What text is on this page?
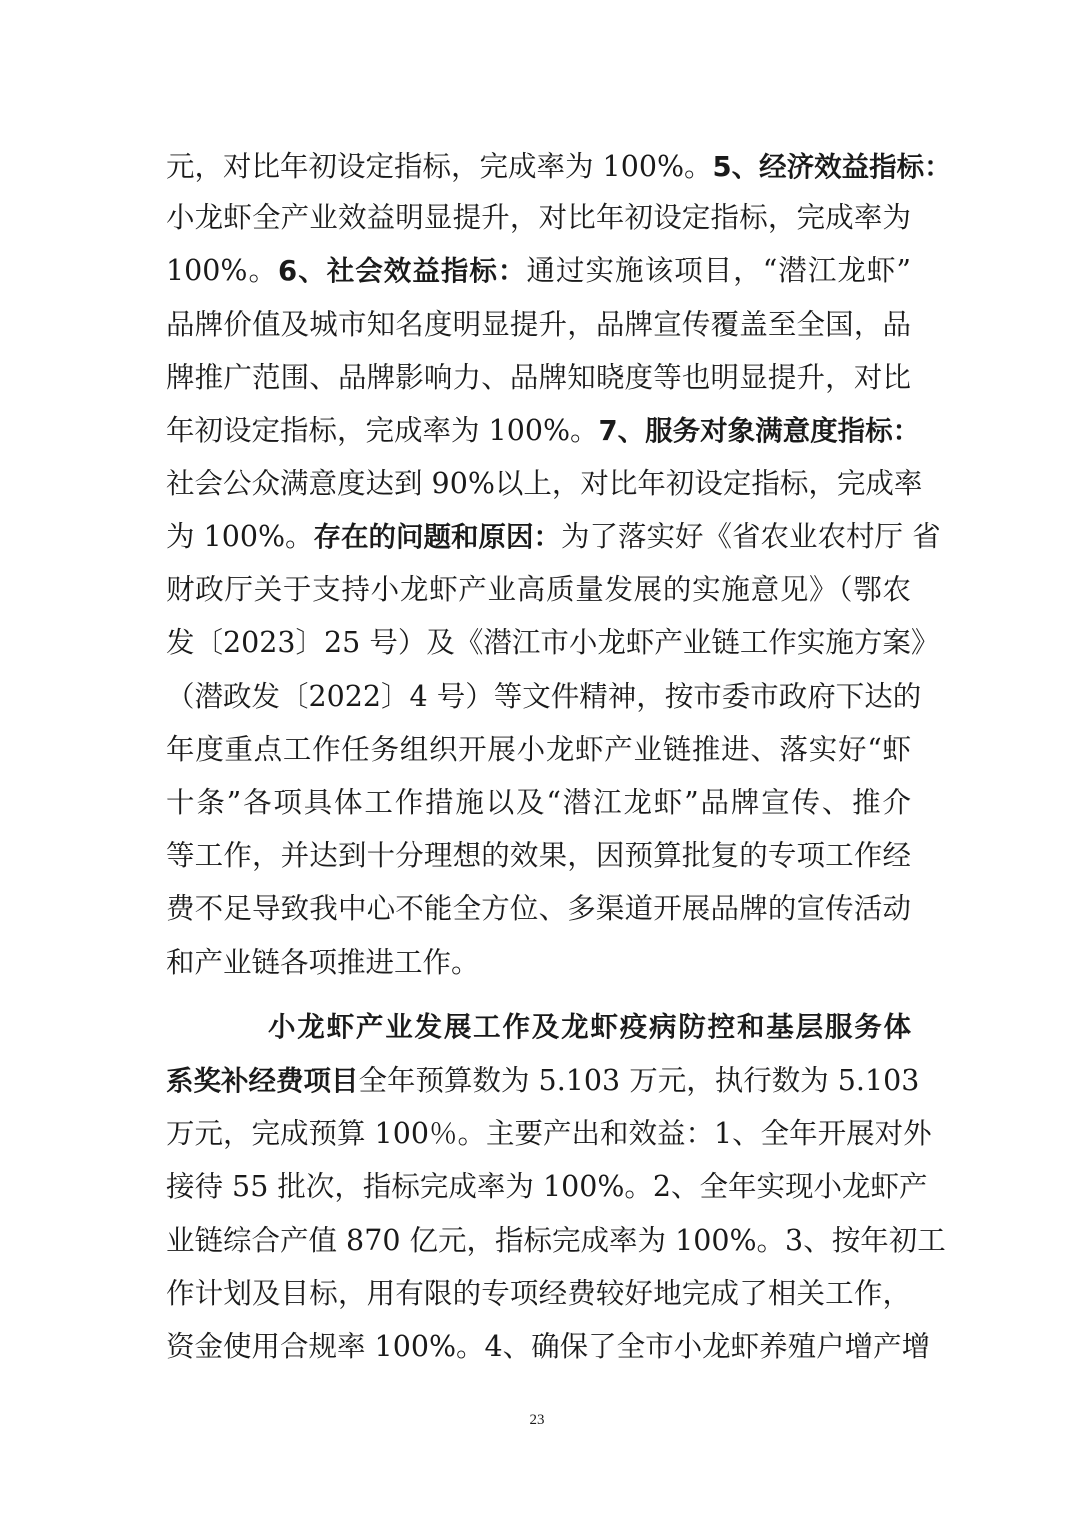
元，对比年初设定指标，完成率为 100%。5、经济效益指标：
小龙虾全产业效益明显提升，对比年初设定指标，完成率为
100%。6、社会效益指标：通过实施该项目，“潜江龙虾”
品牌价值及城市知名度明显提升，品牌宣传覆盖至全国，品
牌推广范围、品牌影响力、品牌知晓度等也明显提升，对比
年初设定指标，完成率为 100%。7、服务对象满意度指标：
社会公众满意度达到 90%以上，对比年初设定指标，完成率
为 100%。存在的问题和原因：为了落实好《省农业农村厅 省
财政厅关于支持小龙虾产业高质量发展的实施意见》（鄂农
发〔2023〕25 号）及《潜江市小龙虾产业链工作实施方案》
（潜政发〔2022〕4 号）等文件精神，按市委市政府下达的
年度重点工作任务组织开展小龙虾产业链推进、落实好“虾
十条”各项具体工作措施以及“潜江龙虾”品牌宣传、推介
等工作，并达到十分理想的效果，因预算批复的专项工作经
费不足导致我中心不能全方位、多渠道开展品牌的宣传活动
和产业链各项推进工作。
小龙虾产业发展工作及龙虾疫病防控和基层服务体
系奖补经费项目全年预算数为 5.103 万元，执行数为 5.103
万元，完成预算 100％。主要产出和效益：1、全年开展对外
接待 55 批次，指标完成率为 100%。2、全年实现小龙虾产
业链综合产值 870 亿元，指标完成率为 100%。3、按年初工
作计划及目标，用有限的专项经费较好地完成了相关工作，
资金使用合规率 100%。4、确保了全市小龙虾养殖户增产增
23
